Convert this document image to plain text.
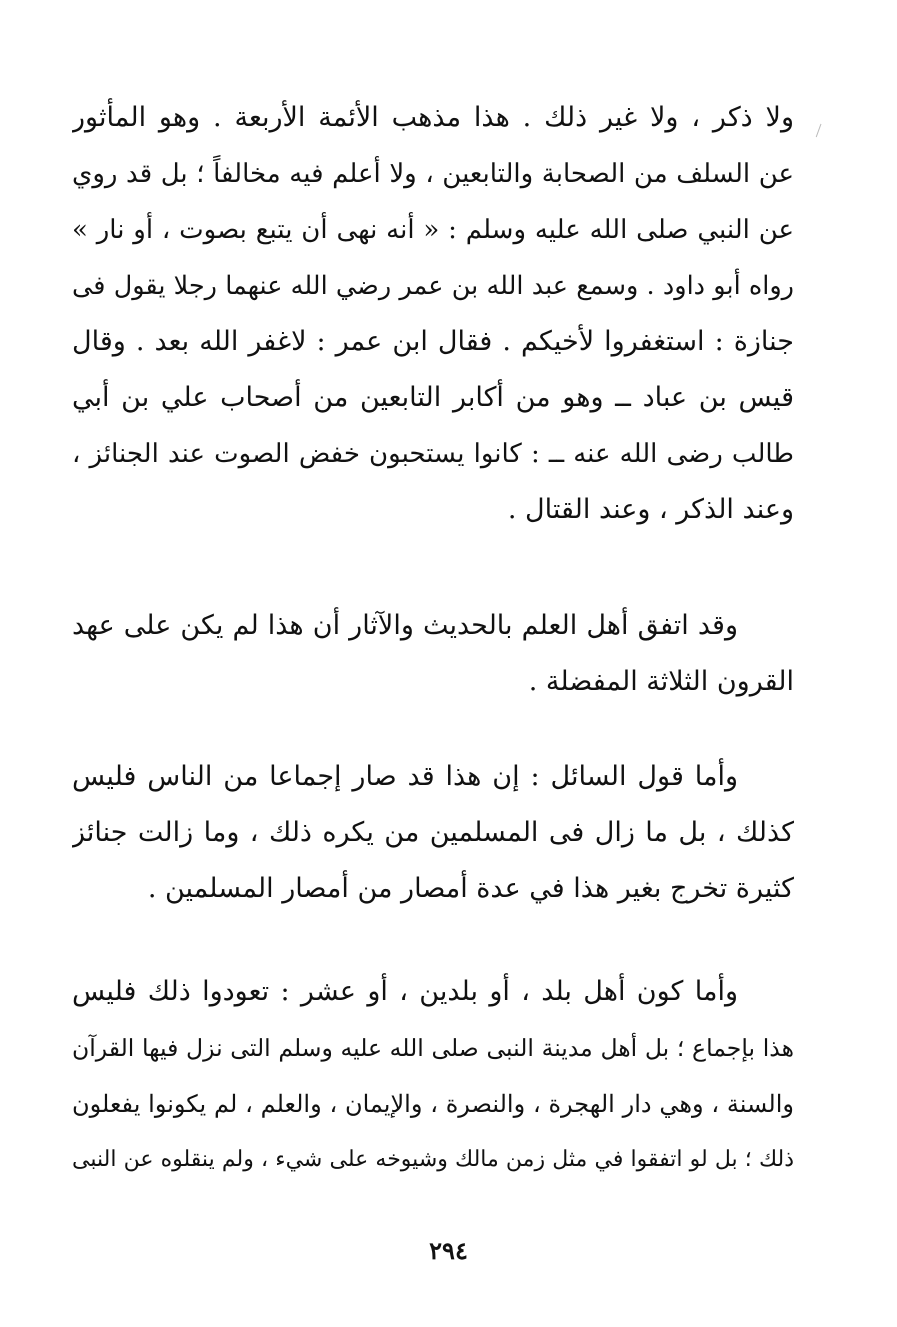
ولا ذكر ، ولا غير ذلك . هذا مذهب الأئمة الأربعة . وهو المأثور
عن السلف من الصحابة والتابعين ، ولا أعلم فيه مخالفاً ؛ بل قد روي
عن النبي صلى الله عليه وسلم : « أنه نهى أن يتبع بصوت ، أو نار »
رواه أبو داود . وسمع عبد الله بن عمر رضي الله عنهما رجلا يقول فى
جنازة : استغفروا لأخيكم . فقال ابن عمر : لاغفر الله بعد . وقال
قيس بن عباد ــ وهو من أكابر التابعين من أصحاب علي بن أبي
طالب رضى الله عنه ــ : كانوا يستحبون خفض الصوت عند الجنائز ،
وعند الذكر ، وعند القتال .
وقد اتفق أهل العلم بالحديث والآثار أن هذا لم يكن على عهد
القرون الثلاثة المفضلة .
وأما قول السائل : إن هذا قد صار إجماعا من الناس فليس
كذلك ، بل ما زال فى المسلمين من يكره ذلك ، وما زالت جنائز
كثيرة تخرج بغير هذا في عدة أمصار من أمصار المسلمين .
وأما كون أهل بلد ، أو بلدين ، أو عشر : تعودوا ذلك فليس
هذا بإجماع ؛ بل أهل مدينة النبى صلى الله عليه وسلم التى نزل فيها القرآن
والسنة ، وهي دار الهجرة ، والنصرة ، والإيمان ، والعلم ، لم يكونوا يفعلون
ذلك ؛ بل لو اتفقوا في مثل زمن مالك وشيوخه على شيء ، ولم ينقلوه عن النبى
٢٩٤
